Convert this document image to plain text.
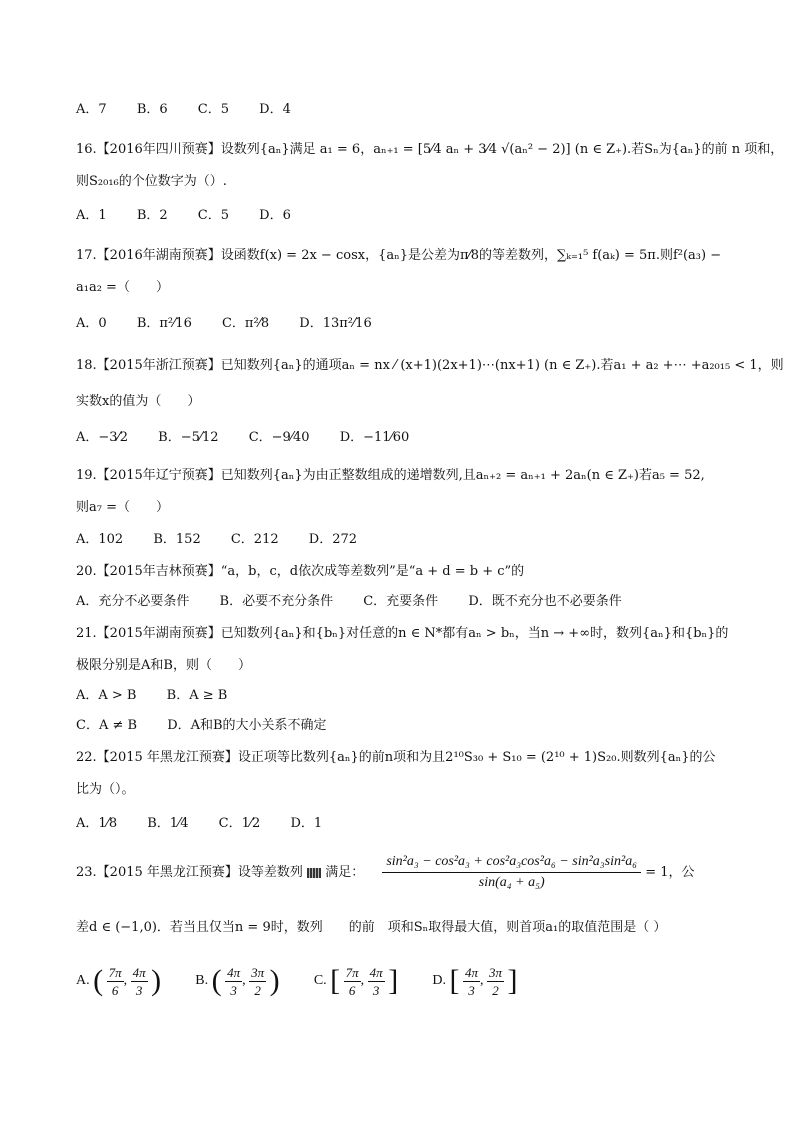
A．7 B．6 C．5 D．4
16.【2016年四川预赛】设数列{aₙ}满足 a₁ = 6，aₙ₊₁ = [5⁄4 aₙ + 3⁄4 √(aₙ² − 2)] (n ∈ Z₊).若Sₙ为{aₙ}的前 n 项和，
则S₂₀₁₆的个位数字为（）.
A．1 B．2 C．5 D．6
17.【2016年湖南预赛】设函数f(x) = 2x − cosx，{aₙ}是公差为π⁄8的等差数列，∑ₖ₌₁⁵ f(aₖ) = 5π.则f²(a₃) −
a₁a₂ =（　　）
A．0 B．π²⁄16 C．π²⁄8 D．13π²⁄16
18.【2015年浙江预赛】已知数列{aₙ}的通项aₙ = nx ⁄ (x+1)(2x+1)⋯(nx+1) (n ∈ Z₊).若a₁ + a₂ +⋯ +a₂₀₁₅ < 1，则
实数x的值为（　　）
A．−3⁄2 B．−5⁄12 C．−9⁄40 D．−11⁄60
19.【2015年辽宁预赛】已知数列{aₙ}为由正整数组成的递增数列,且aₙ₊₂ = aₙ₊₁ + 2aₙ(n ∈ Z₊)若a₅ = 52,
则a₇ =（　　）
A．102 B．152 C．212 D．272
20.【2015年吉林预赛】“a，b，c，d依次成等差数列”是“a + d = b + c”的
A．充分不必要条件 B．必要不充分条件 C．充要条件 D．既不充分也不必要条件
21.【2015年湖南预赛】已知数列{aₙ}和{bₙ}对任意的n ∈ N*都有aₙ > bₙ，当n → +∞时，数列{aₙ}和{bₙ}的
极限分别是A和B，则（　　）
A．A > B B．A ≥ B
C．A ≠ B D．A和B的大小关系不确定
22.【2015 年黑龙江预赛】设正项等比数列{aₙ}的前n项和为且2¹⁰S₃₀ + S₁₀ = (2¹⁰ + 1)S₂₀.则数列{aₙ}的公
比为（）。
A．1⁄8 B．1⁄4 C．1⁄2 D．1
23.【2015 年黑龙江预赛】设等差数列 满足： $\frac{\text{sin²a₃ − cos²a₃ + cos²a₃cos²a₆ − sin²a₃sin²a₆}}{\text{sin(a₄ + a₅)}} = 1$，公
差d ∈ (−1,0)．若当且仅当n = 9时，数列　　的前　项和Sₙ取得最大值，则首项a₁的取值范围是（ ）
A. ( $\frac{7\pi}{6}$ , $\frac{4\pi}{3}$ ) B. ( $\frac{4\pi}{3}$ , $\frac{3\pi}{2}$ ) C. [ $\frac{7\pi}{6}$ , $\frac{4\pi}{3}$ ] D. [ $\frac{4\pi}{3}$ , $\frac{3\pi}{2}$ ]
